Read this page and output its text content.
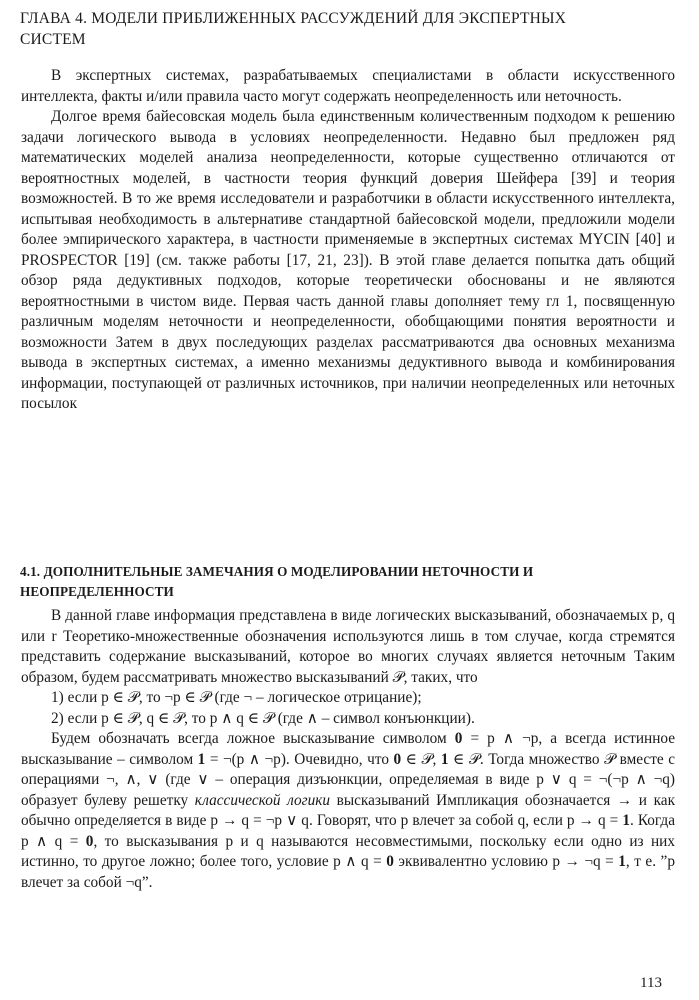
ГЛАВА 4. МОДЕЛИ ПРИБЛИЖЕННЫХ РАССУЖДЕНИЙ ДЛЯ ЭКСПЕРТНЫХ СИСТЕМ

В экспертных системах, разрабатываемых специалистами в области искусственного интеллекта, факты и/или правила часто могут содержать неопределенность или неточность.

Долгое время байесовская модель была единственным количественным подходом к решению задачи логического вывода в условиях неопределенности. Недавно был предложен ряд математических моделей анализа неопределенности, которые существенно отличаются от вероятностных моделей, в частности теория функций доверия Шейфера [39] и теория возможностей. В то же время исследователи и разработчики в области искусственного интеллекта, испытывая необходимость в альтернативе стандартной байесовской модели, предложили модели более эмпирического характера, в частности применяемые в экспертных системах MYCIN [40] и PROSPECTOR [19] (см. также работы [17, 21, 23]). В этой главе делается попытка дать общий обзор ряда дедуктивных подходов, которые теоретически обоснованы и не являются вероятностными в чистом виде. Первая часть данной главы дополняет тему гл 1, посвященную различным моделям неточности и неопределенности, обобщающими понятия вероятности и возможности Затем в двух последующих разделах рассматриваются два основных механизма вывода в экспертных системах, а именно механизмы дедуктивного вывода и комбинирования информации, поступающей от различных источников, при наличии неопределенных или неточных посылок

4.1. ДОПОЛНИТЕЛЬНЫЕ ЗАМЕЧАНИЯ О МОДЕЛИРОВАНИИ НЕТОЧНОСТИ И НЕОПРЕДЕЛЕННОСТИ

В данной главе информация представлена в виде логических высказываний, обозначаемых p, q или r Теоретико-множественные обозначения используются лишь в том случае, когда стремятся представить содержание высказываний, которое во многих случаях является неточным Таким образом, будем рассматривать множество высказываний 𝒫, таких, что

1) если p ∈ 𝒫, то ¬p ∈ 𝒫 (где ¬ – логическое отрицание);

2) если p ∈ 𝒫, q ∈ 𝒫, то p ∧ q ∈ 𝒫 (где ∧ – символ конъюнкции).

Будем обозначать всегда ложное высказывание символом 0 = p ∧ ¬p, а всегда истинное высказывание – символом 1 = ¬(p ∧ ¬p). Очевидно, что 0 ∈ 𝒫, 1 ∈ 𝒫. Тогда множество 𝒫 вместе с операциями ¬, ∧, ∨ (где ∨ – операция дизъюнкции, определяемая в виде p ∨ q = ¬(¬p ∧ ¬q) образует булеву решетку классической логики высказываний Импликация обозначается → и как обычно определяется в виде p → q = ¬p ∨ q. Говорят, что p влечет за собой q, если p → q = 1. Когда p ∧ q = 0, то высказывания p и q называются несовместимыми, поскольку если одно из них истинно, то другое ложно; более того, условие p ∧ q = 0 эквивалентно условию p → ¬q = 1, т е. ”p влечет за собой ¬q”.

113
